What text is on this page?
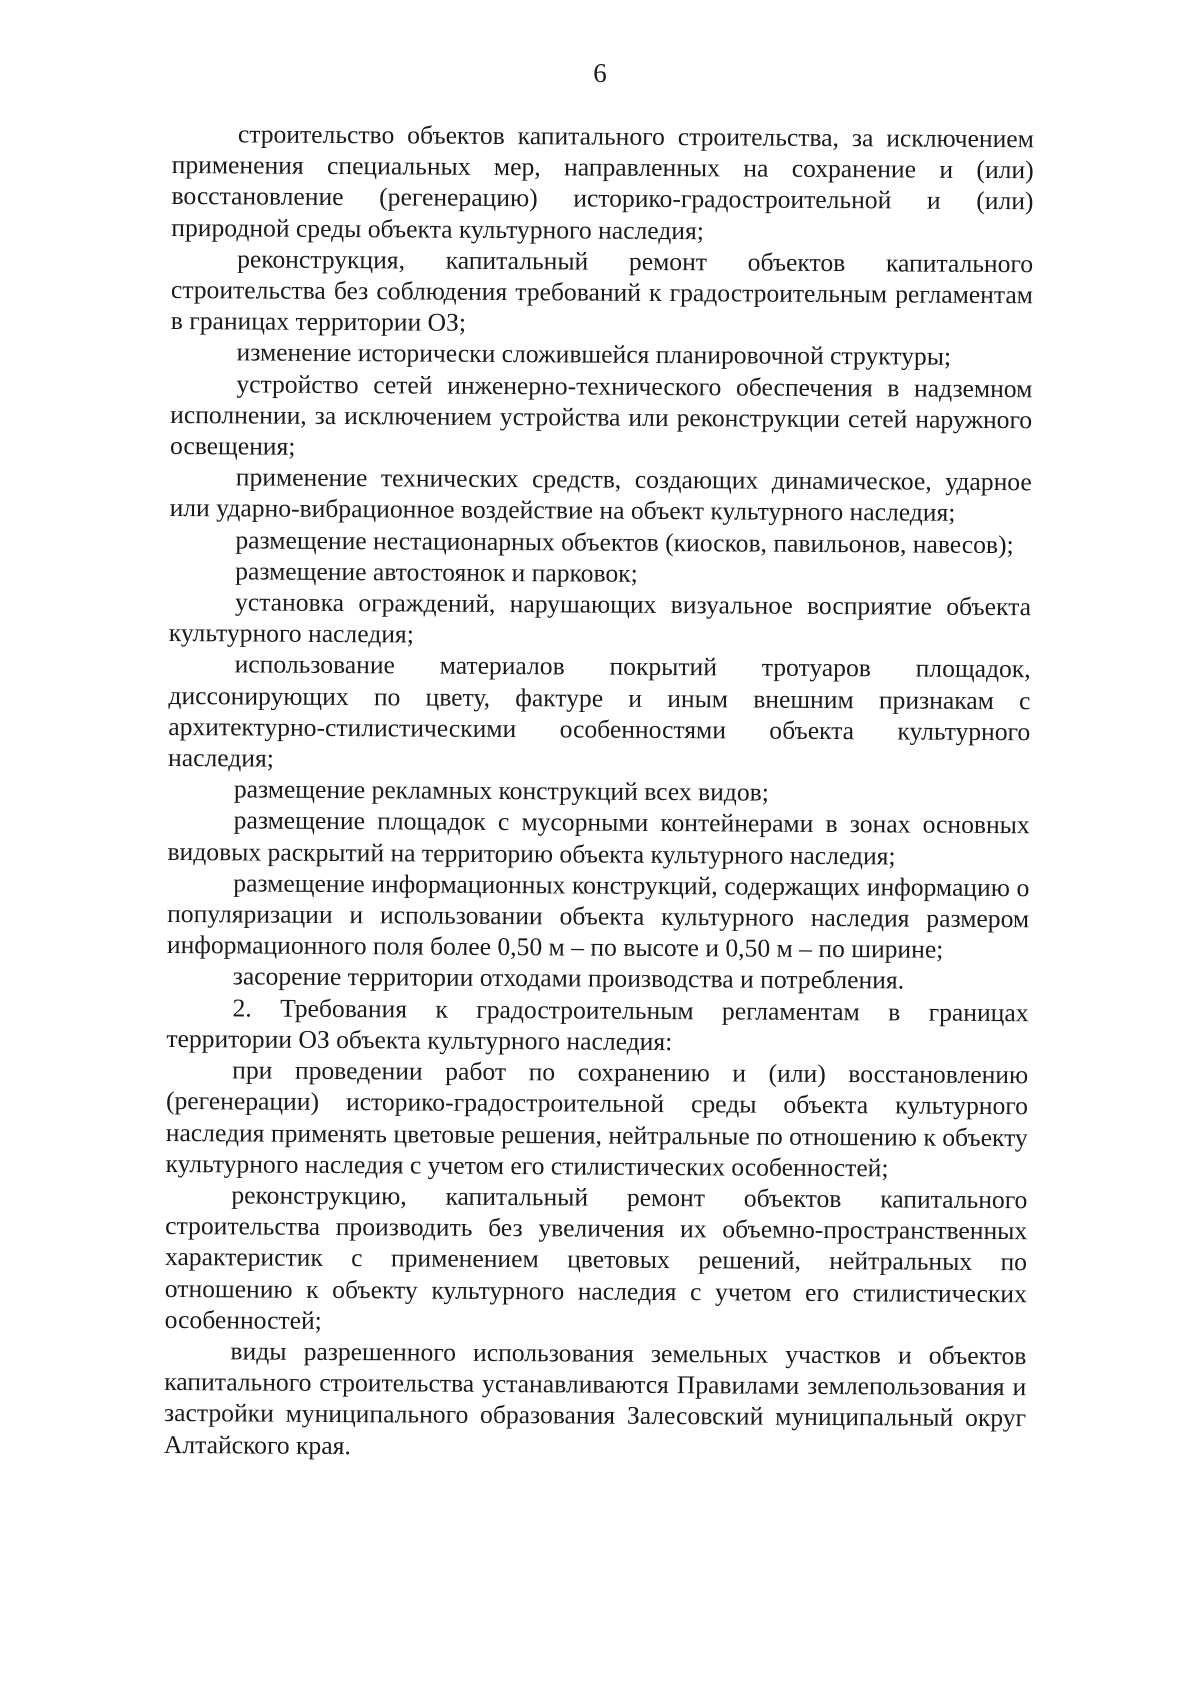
6

строительство объектов капитального строительства, за исключением применения специальных мер, направленных на сохранение и (или) восстановление (регенерацию) историко-градостроительной и (или) природной среды объекта культурного наследия;

реконструкция, капитальный ремонт объектов капитального строительства без соблюдения требований к градостроительным регламентам в границах территории ОЗ;

изменение исторически сложившейся планировочной структуры;

устройство сетей инженерно-технического обеспечения в надземном исполнении, за исключением устройства или реконструкции сетей наружного освещения;

применение технических средств, создающих динамическое, ударное или ударно-вибрационное воздействие на объект культурного наследия;

размещение нестационарных объектов (киосков, павильонов, навесов);

размещение автостоянок и парковок;

установка ограждений, нарушающих визуальное восприятие объекта культурного наследия;

использование материалов покрытий тротуаров площадок, диссонирующих по цвету, фактуре и иным внешним признакам с архитектурно-стилистическими особенностями объекта культурного наследия;

размещение рекламных конструкций всех видов;

размещение площадок с мусорными контейнерами в зонах основных видовых раскрытий на территорию объекта культурного наследия;

размещение информационных конструкций, содержащих информацию о популяризации и использовании объекта культурного наследия размером информационного поля более 0,50 м – по высоте и 0,50 м – по ширине;

засорение территории отходами производства и потребления.

2. Требования к градостроительным регламентам в границах территории ОЗ объекта культурного наследия:

при проведении работ по сохранению и (или) восстановлению (регенерации) историко-градостроительной среды объекта культурного наследия применять цветовые решения, нейтральные по отношению к объекту культурного наследия с учетом его стилистических особенностей;

реконструкцию, капитальный ремонт объектов капитального строительства производить без увеличения их объемно-пространственных характеристик с применением цветовых решений, нейтральных по отношению к объекту культурного наследия с учетом его стилистических особенностей;

виды разрешенного использования земельных участков и объектов капитального строительства устанавливаются Правилами землепользования и застройки муниципального образования Залесовский муниципальный округ Алтайского края.
